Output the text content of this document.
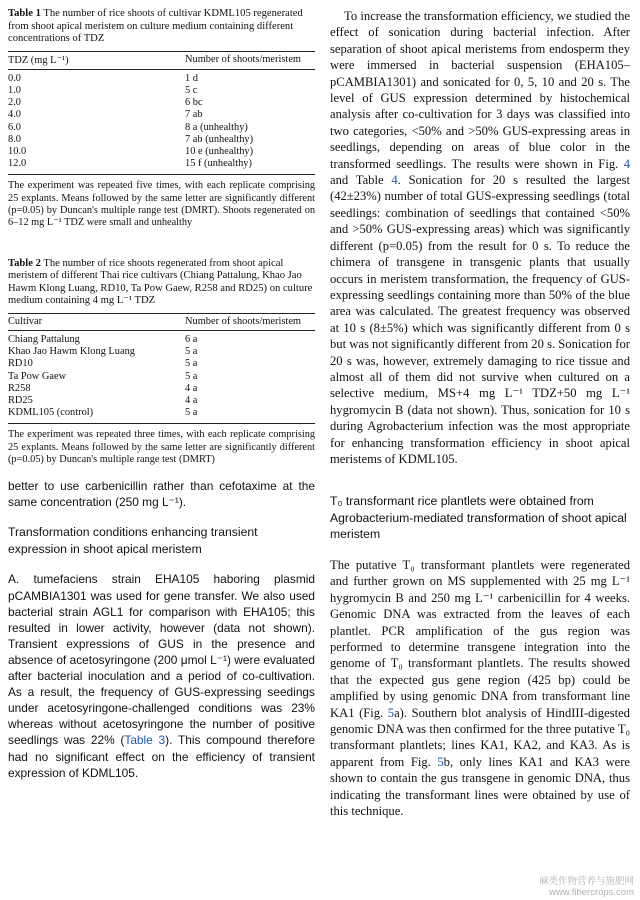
Table 1 The number of rice shoots of cultivar KDML105 regenerated from shoot apical meristem on culture medium containing different concentrations of TDZ

TDZ (mg L⁻¹)	Number of shoots/meristem
0.0	1 d
1.0	5 c
2.0	6 bc
4.0	7 ab
6.0	8 a (unhealthy)
8.0	7 ab (unhealthy)
10.0	10 e (unhealthy)
12.0	15 f (unhealthy)

The experiment was repeated five times, with each replicate comprising 25 explants. Means followed by the same letter are significantly different (p=0.05) by Duncan's multiple range test (DMRT). Shoots regenerated on 6–12 mg L⁻¹ TDZ were small and unhealthy

Table 2 The number of rice shoots regenerated from shoot apical meristem of different Thai rice cultivars (Chiang Pattalung, Khao Jao Hawm Klong Luang, RD10, Ta Pow Gaew, R258 and RD25) on culture medium containing 4 mg L⁻¹ TDZ

Cultivar	Number of shoots/meristem
Chiang Pattalung	6 a
Khao Jao Hawm Klong Luang	5 a
RD10	5 a
Ta Pow Gaew	5 a
R258	4 a
RD25	4 a
KDML105 (control)	5 a

The experiment was repeated three times, with each replicate comprising 25 explants. Means followed by the same letter are significantly different (p=0.05) by Duncan's multiple range test (DMRT)

better to use carbenicillin rather than cefotaxime at the same concentration (250 mg L⁻¹).

Transformation conditions enhancing transient expression in shoot apical meristem

A. tumefaciens strain EHA105 haboring plasmid pCAMBIA1301 was used for gene transfer. We also used bacterial strain AGL1 for comparison with EHA105; this resulted in lower activity, however (data not shown). Transient expressions of GUS in the presence and absence of acetosyringone (200 μmol L⁻¹) were evaluated after bacterial inoculation and a period of co-cultivation. As a result, the frequency of GUS-expressing seedings under acetosyringone-challenged conditions was 23% whereas without acetosyringone the number of positive seedlings was 22% (Table 3). This compound therefore had no significant effect on the efficiency of transient expression of KDML105.

To increase the transformation efficiency, we studied the effect of sonication during bacterial infection. After separation of shoot apical meristems from endosperm they were immersed in bacterial suspension (EHA105–pCAMBIA1301) and sonicated for 0, 5, 10 and 20 s. The level of GUS expression determined by histochemical analysis after co-cultivation for 3 days was classified into two categories, <50% and >50% GUS-expressing areas in seedlings, depending on areas of blue color in the transformed seedlings. The results were shown in Fig. 4 and Table 4. Sonication for 20 s resulted the largest (42±23%) number of total GUS-expressing seedlings (total seedlings: combination of seedlings that contained <50% and >50% GUS-expressing areas) which was significantly different (p=0.05) from the result for 0 s. To reduce the chimera of transgene in transgenic plants that usually occurs in meristem transformation, the frequency of GUS-expressing seedlings containing more than 50% of the blue area was calculated. The greatest frequency was observed at 10 s (8±5%) which was significantly different from 0 s but was not significantly different from 20 s. Sonication for 20 s was, however, extremely damaging to rice tissue and almost all of them did not survive when cultured on a selective medium, MS+4 mg L⁻¹ TDZ+50 mg L⁻¹ hygromycin B (data not shown). Thus, sonication for 10 s during Agrobacterium infection was the most appropriate for enhancing transformation efficiency in shoot apical meristems of KDML105.

T₀ transformant rice plantlets were obtained from Agrobacterium-mediated transformation of shoot apical meristem

The putative T₀ transformant plantlets were regenerated and further grown on MS supplemented with 25 mg L⁻¹ hygromycin B and 250 mg L⁻¹ carbenicillin for 4 weeks. Genomic DNA was extracted from the leaves of each plantlet. PCR amplification of the gus region was performed to determine transgene integration into the genome of T₀ transformant plantlets. The results showed that the expected gus gene region (425 bp) could be amplified by using genomic DNA from transformant line KA1 (Fig. 5a). Southern blot analysis of HindIII-digested genomic DNA was then confirmed for the three putative T₀ transformant plantlets; lines KA1, KA2, and KA3. As is apparent from Fig. 5b, only lines KA1 and KA3 were shown to contain the gus transgene in genomic DNA, thus indicating the transformant lines were obtained by use of this technique.

麻类作物营养与施肥网
www.fibercrops.com
